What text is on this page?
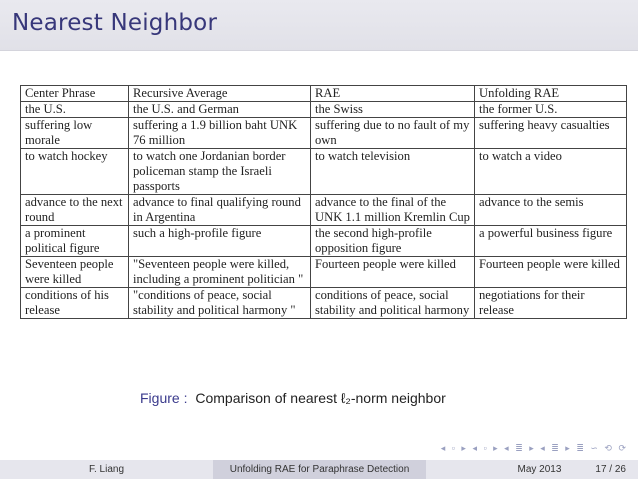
Nearest Neighbor
Center Phrase	Recursive Average	RAE	Unfolding RAE
the U.S.	the U.S. and German	the Swiss	the former U.S.
suffering low morale	suffering a 1.9 billion baht UNK 76 million	suffering due to no fault of my own	suffering heavy casualties
to watch hockey	to watch one Jordanian border policeman stamp the Israeli passports	to watch television	to watch a video
advance to the next round	advance to final qualifying round in Argentina	advance to the final of the UNK 1.1 million Kremlin Cup	advance to the semis
a prominent political figure	such a high-profile figure	the second high-profile opposition figure	a powerful business figure
Seventeen people were killed	"Seventeen people were killed, including a prominent politician "	Fourteen people were killed	Fourteen people were killed
conditions of his release	"conditions of peace, social stability and political harmony "	conditions of peace, social stability and political harmony	negotiations for their release
Figure : Comparison of nearest ℓ₂-norm neighbor
◂ ▫ ▸ ◂ ▫ ▸ ◂ ≣ ▸ ◂ ≣ ▸ ≣ ∽ ⟲ ⟳
F. Liang	Unfolding RAE for Paraphrase Detection	May 2013	17 / 26
